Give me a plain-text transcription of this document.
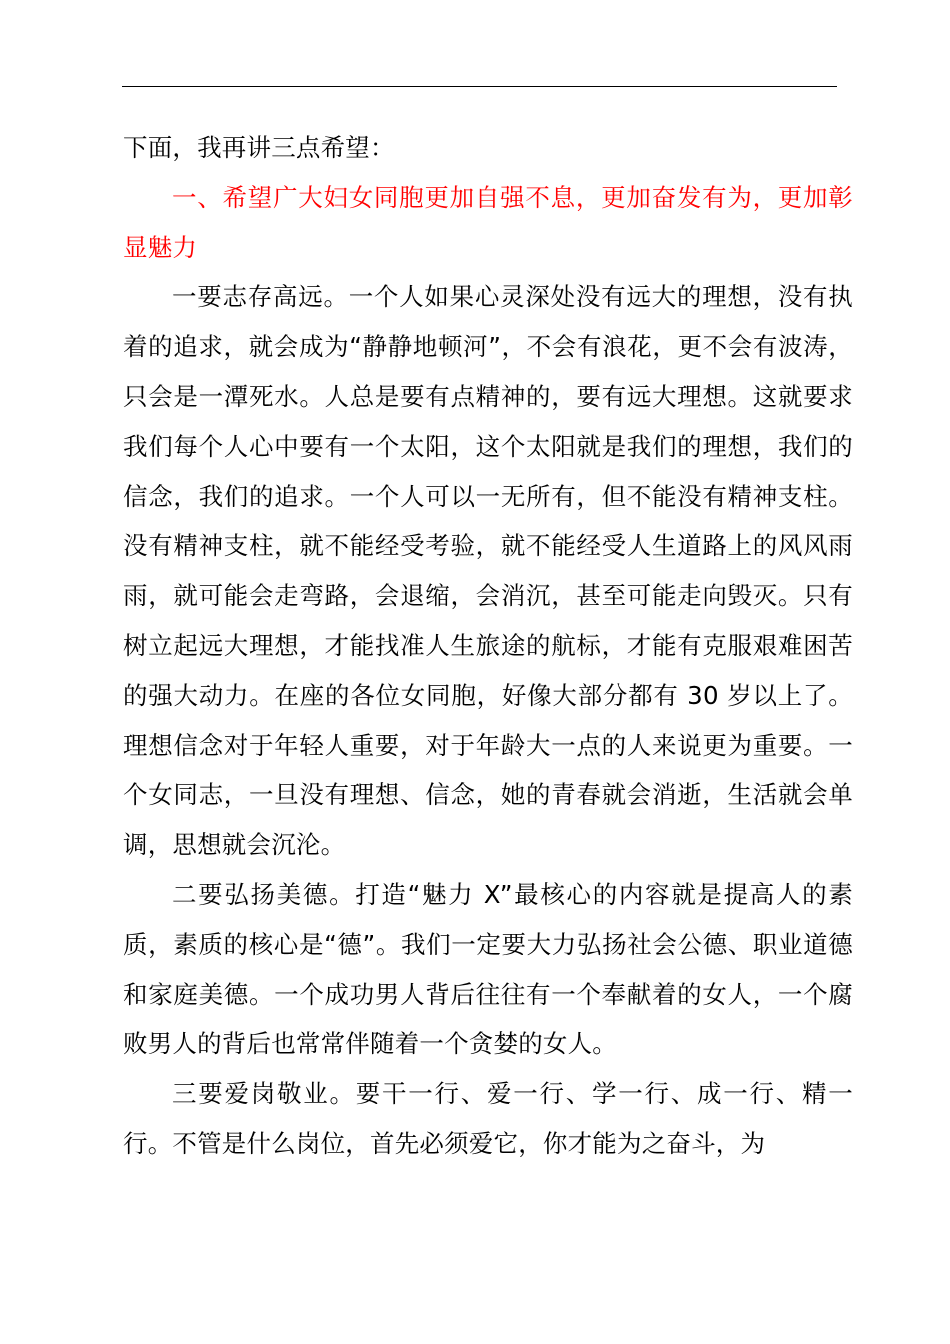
下面，我再讲三点希望：

一、希望广大妇女同胞更加自强不息，更加奋发有为，更加彰显魅力

一要志存高远。一个人如果心灵深处没有远大的理想，没有执着的追求，就会成为“静静地顿河”，不会有浪花，更不会有波涛，只会是一潭死水。人总是要有点精神的，要有远大理想。这就要求我们每个人心中要有一个太阳，这个太阳就是我们的理想，我们的信念，我们的追求。一个人可以一无所有，但不能没有精神支柱。没有精神支柱，就不能经受考验，就不能经受人生道路上的风风雨雨，就可能会走弯路，会退缩，会消沉，甚至可能走向毁灭。只有树立起远大理想，才能找准人生旅途的航标，才能有克服艰难困苦的强大动力。在座的各位女同胞，好像大部分都有 30 岁以上了。理想信念对于年轻人重要，对于年龄大一点的人来说更为重要。一个女同志，一旦没有理想、信念，她的青春就会消逝，生活就会单调，思想就会沉沦。

二要弘扬美德。打造“魅力 X”最核心的内容就是提高人的素质，素质的核心是“德”。我们一定要大力弘扬社会公德、职业道德和家庭美德。一个成功男人背后往往有一个奉献着的女人，一个腐败男人的背后也常常伴随着一个贪婪的女人。

三要爱岗敬业。要干一行、爱一行、学一行、成一行、精一行。不管是什么岗位，首先必须爱它，你才能为之奋斗，为
